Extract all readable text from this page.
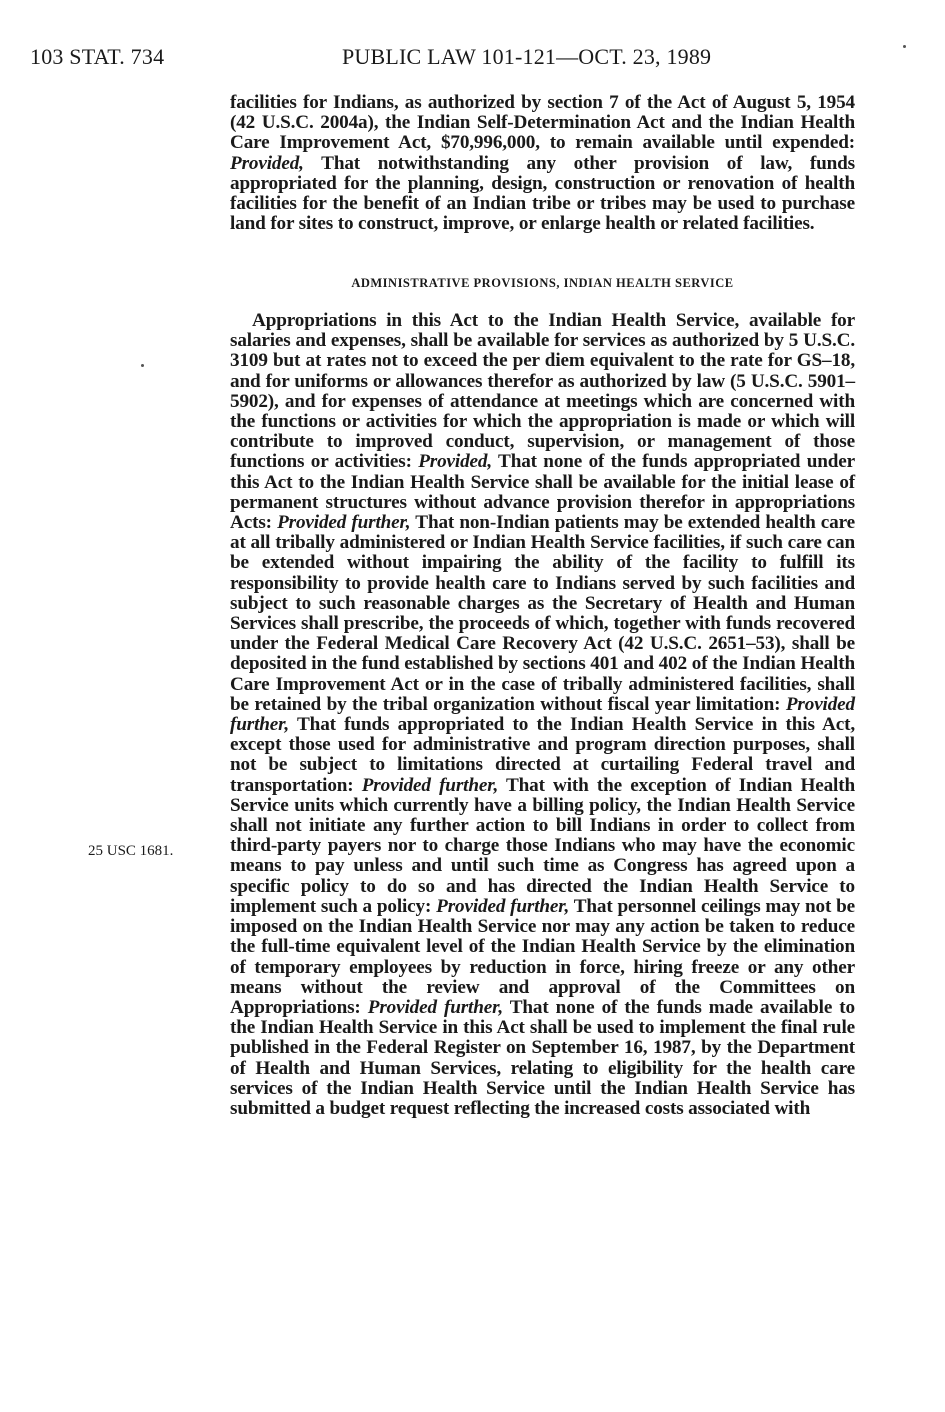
103 STAT. 734	PUBLIC LAW 101-121—OCT. 23, 1989
facilities for Indians, as authorized by section 7 of the Act of August 5, 1954 (42 U.S.C. 2004a), the Indian Self-Determination Act and the Indian Health Care Improvement Act, $70,996,000, to remain available until expended: Provided, That notwithstanding any other provision of law, funds appropriated for the planning, design, construction or renovation of health facilities for the benefit of an Indian tribe or tribes may be used to purchase land for sites to construct, improve, or enlarge health or related facilities.
ADMINISTRATIVE PROVISIONS, INDIAN HEALTH SERVICE
25 USC 1681.
Appropriations in this Act to the Indian Health Service, available for salaries and expenses, shall be available for services as authorized by 5 U.S.C. 3109 but at rates not to exceed the per diem equivalent to the rate for GS–18, and for uniforms or allowances therefor as authorized by law (5 U.S.C. 5901–5902), and for expenses of attendance at meetings which are concerned with the functions or activities for which the appropriation is made or which will contribute to improved conduct, supervision, or management of those functions or activities: Provided, That none of the funds appropriated under this Act to the Indian Health Service shall be available for the initial lease of permanent structures without advance provision therefor in appropriations Acts: Provided further, That non-Indian patients may be extended health care at all tribally administered or Indian Health Service facilities, if such care can be extended without impairing the ability of the facility to fulfill its responsibility to provide health care to Indians served by such facilities and subject to such reasonable charges as the Secretary of Health and Human Services shall prescribe, the proceeds of which, together with funds recovered under the Federal Medical Care Recovery Act (42 U.S.C. 2651–53), shall be deposited in the fund established by sections 401 and 402 of the Indian Health Care Improvement Act or in the case of tribally administered facilities, shall be retained by the tribal organization without fiscal year limitation: Provided further, That funds appropriated to the Indian Health Service in this Act, except those used for administrative and program direction purposes, shall not be subject to limitations directed at curtailing Federal travel and transportation: Provided further, That with the exception of Indian Health Service units which currently have a billing policy, the Indian Health Service shall not initiate any further action to bill Indians in order to collect from third-party payers nor to charge those Indians who may have the economic means to pay unless and until such time as Congress has agreed upon a specific policy to do so and has directed the Indian Health Service to implement such a policy: Provided further, That personnel ceilings may not be imposed on the Indian Health Service nor may any action be taken to reduce the full-time equivalent level of the Indian Health Service by the elimination of temporary employees by reduction in force, hiring freeze or any other means without the review and approval of the Committees on Appropriations: Provided further, That none of the funds made available to the Indian Health Service in this Act shall be used to implement the final rule published in the Federal Register on September 16, 1987, by the Department of Health and Human Services, relating to eligibility for the health care services of the Indian Health Service until the Indian Health Service has submitted a budget request reflecting the increased costs associated with
